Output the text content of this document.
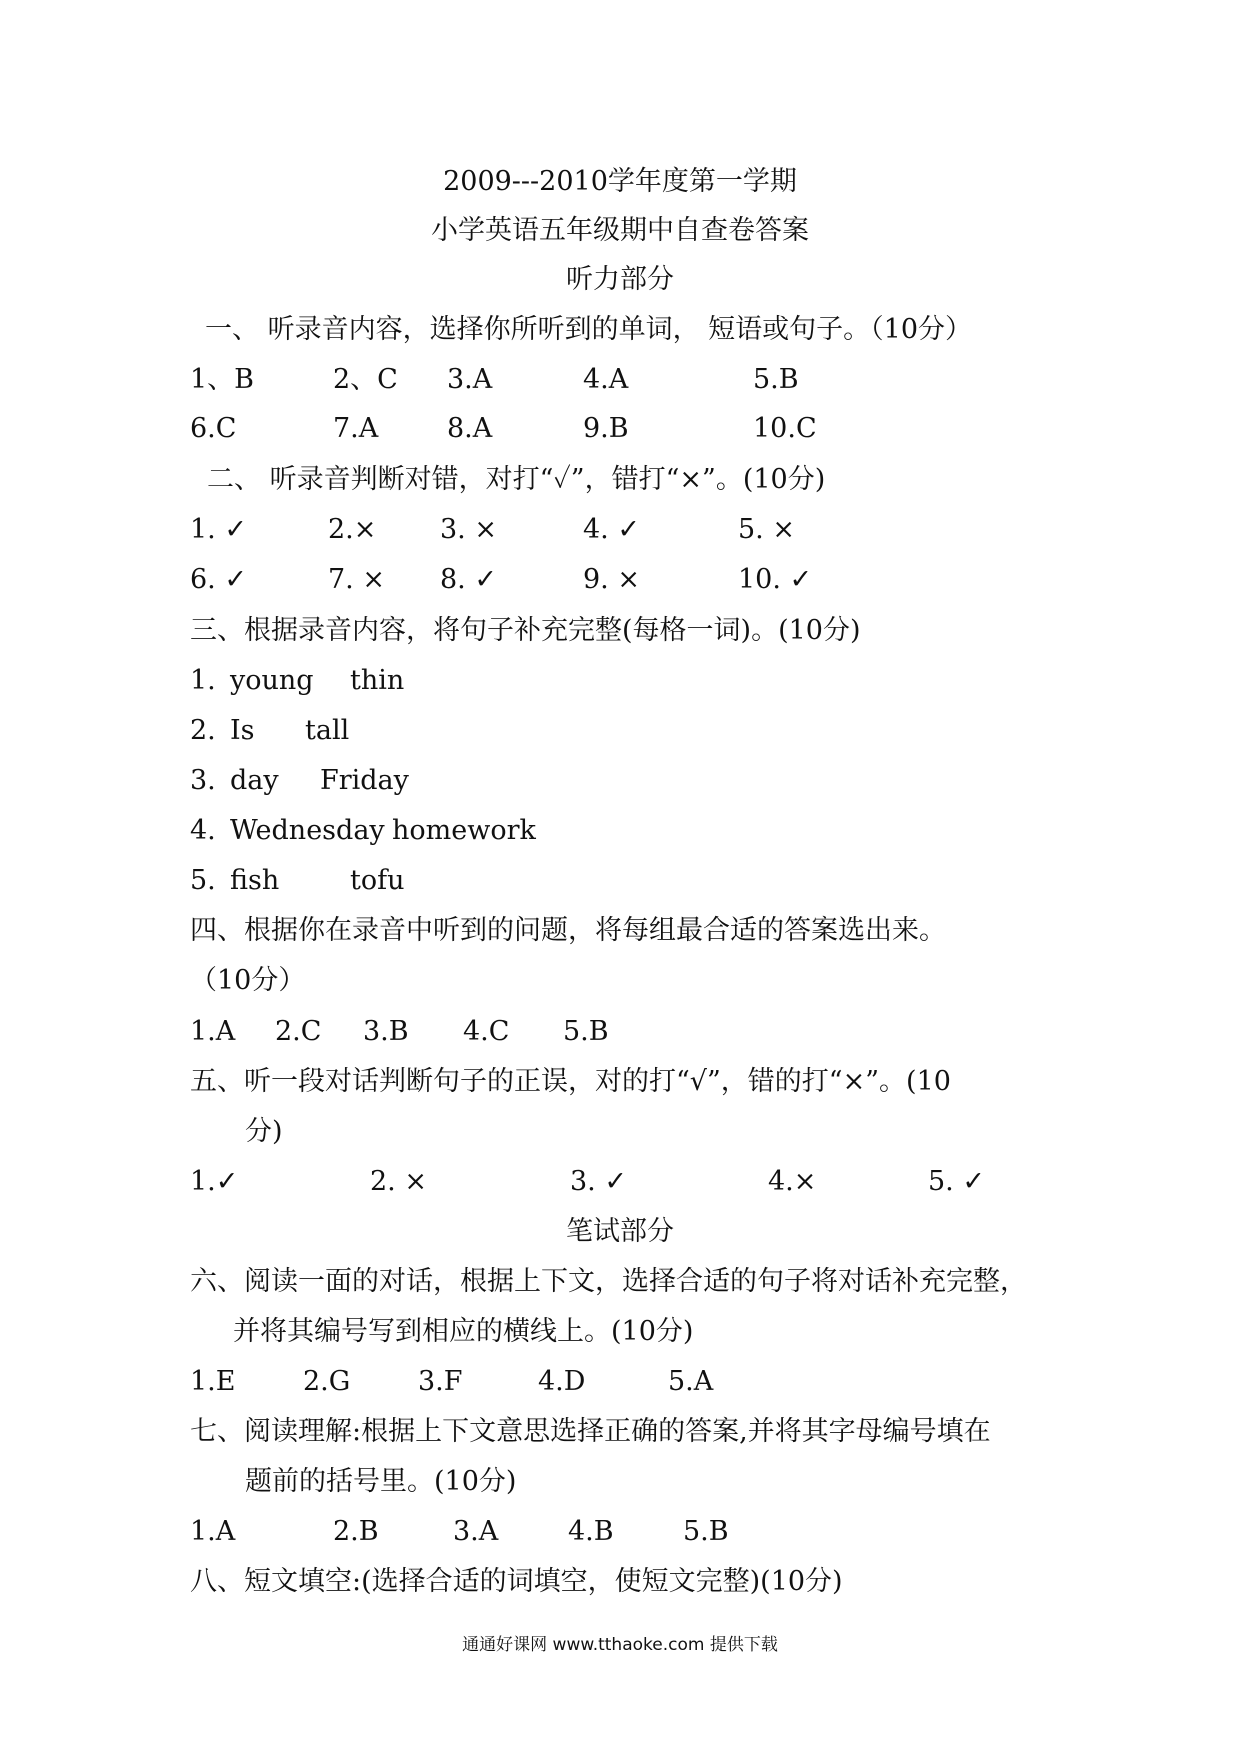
2009---2010学年度第一学期
小学英语五年级期中自查卷答案
听力部分
一、 听录音内容，选择你所听到的单词， 短语或句子。（10分）
1、B	2、C 3.A	4.A	5.B
6.C	7.A	8.A	9.B	10.C
二、 听录音判断对错，对打“✓”，错打“×”。(10分)
1. ✓	2.× 3. ×	4. ✓	5. ×
6. ✓	7. × 8. ✓	9. ×	10. ✓
三、根据录音内容，将句子补充完整(每格一词)。(10分)
1. young thin
2. Is tall
3. day Friday
4. Wednesday homework
5. fish	tofu
四、根据你在录音中听到的问题，将每组最合适的答案选出来。
（10分）
1.A 2.C 3.B 4.C 5.B
五、听一段对话判断句子的正误，对的打“√”，错的打“×”。(10
分)
1.✓	2. ×	3. ✓	4.×	5. ✓
笔试部分
六、阅读一面的对话，根据上下文，选择合适的句子将对话补充完整，
并将其编号写到相应的横线上。(10分)
1.E	2.G	3.F	4.D	5.A
七、阅读理解:根据上下文意思选择正确的答案,并将其字母编号填在
题前的括号里。(10分)
1.A	2.B	3.A	4.B	5.B
八、短文填空:(选择合适的词填空，使短文完整)(10分)
通通好课网 www.tthaoke.com 提供下载
